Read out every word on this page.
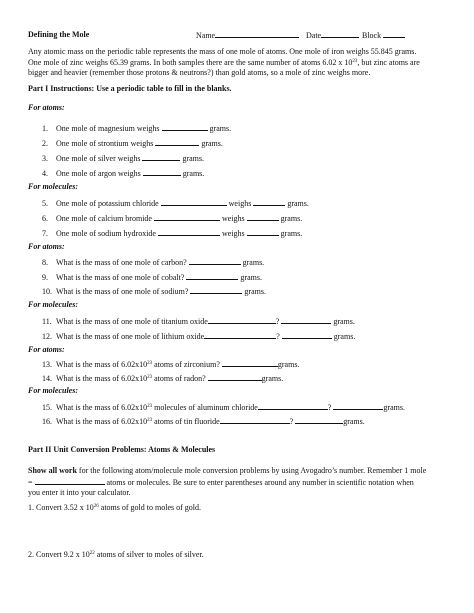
Defining the Mole	Name	Date	Block
Any atomic mass on the periodic table represents the mass of one mole of atoms. One mole of iron weighs 55.845 grams.
One mole of zinc weighs 65.39 grams. In both samples there are the same number of atoms 6.02 x $10^{23}$, but zinc atoms are
bigger and heavier (remember those protons & neutrons?) than gold atoms, so a mole of zinc weighs more.
Part I Instructions: Use a periodic table to fill in the blanks.
For atoms:
1. One mole of magnesium weighs	grams.
2. One mole of strontium weighs	grams.
3. One mole of silver weighs	grams.
4. One mole of argon weighs	grams.
For molecules:
5. One mole of potassium chloride	weighs	grams.
6. One mole of calcium bromide	weighs	grams.
7. One mole of sodium hydroxide	weighs	grams.
For atoms:
8. What is the mass of one mole of carbon?	grams.
9. What is the mass of one mole of cobalt?	grams.
10. What is the mass of one mole of sodium?	grams.
For molecules:
11. What is the mass of one mole of titanium oxide	?	grams.
12. What is the mass of one mole of lithium oxide	?	grams.
For atoms:
13. What is the mass of $6.02x10^{23}$ atoms of zirconium?	grams.
14. What is the mass of $6.02x10^{23}$ atoms of radon?	grams.
For molecules:
15. What is the mass of $6.02x10^{23}$ molecules of aluminum chloride	?	grams.
16. What is the mass of $6.02x10^{23}$ atoms of tin fluoride	?	grams.
Part II Unit Conversion Problems: Atoms & Molecules
Show all work for the following atom/molecule mole conversion problems by using Avogadro’s number. Remember 1 mole
=	atoms or molecules. Be sure to enter parentheses around any number in scientific notation when
you enter it into your calculator.
1. Convert 3.52 x $10^{26}$ atoms of gold to moles of gold.
2. Convert 9.2 x $10^{22}$ atoms of silver to moles of silver.
